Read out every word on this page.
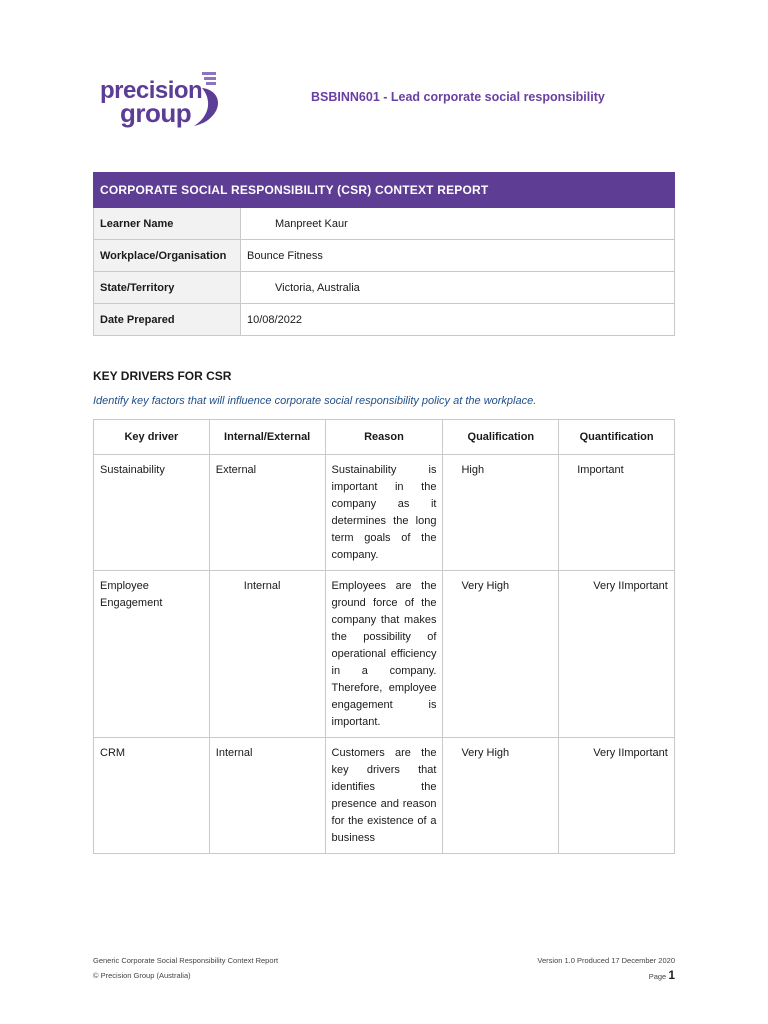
precision
group
BSBINN601 - Lead corporate social responsibility
CORPORATE SOCIAL RESPONSIBILITY (CSR) CONTEXT REPORT	
Learner Name	Manpreet Kaur
Workplace/Organisation	Bounce Fitness
State/Territory	Victoria, Australia
Date Prepared	10/08/2022
KEY DRIVERS FOR CSR
Identify key factors that will influence corporate social responsibility policy at the workplace.
Key driver	Internal/External	Reason	Qualification	Quantification
Sustainability	External	Sustainability is important in the company as it determines the long term goals of the company.	High	Important
Employee Engagement	Internal	Employees are the ground force of the company that makes the possibility of operational efficiency in a company. Therefore, employee engagement is important.	Very High	Very IImportant
CRM	Internal	Customers are the key drivers that identifies the presence and reason for the existence of a business	Very High	Very IImportant
Generic Corporate Social Responsibility Context Report
© Precision Group (Australia)
Version 1.0 Produced 17 December 2020
Page 1
